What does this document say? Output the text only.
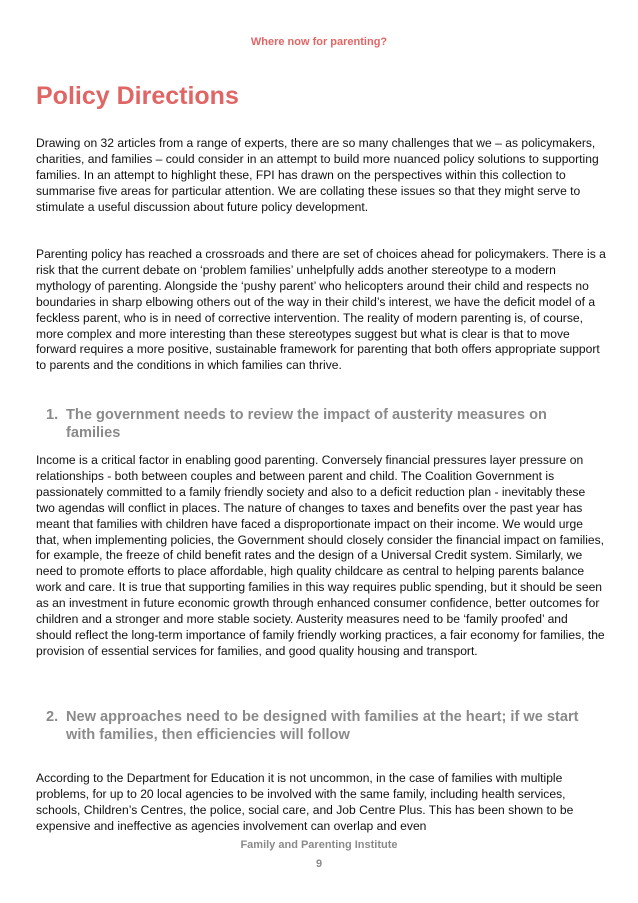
Where now for parenting?
Policy Directions

Drawing on 32 articles from a range of experts, there are so many challenges that we – as policymakers, charities, and families – could consider in an attempt to build more nuanced policy solutions to supporting families. In an attempt to highlight these, FPI has drawn on the perspectives within this collection to summarise five areas for particular attention. We are collating these issues so that they might serve to stimulate a useful discussion about future policy development.

Parenting policy has reached a crossroads and there are set of choices ahead for policymakers. There is a risk that the current debate on ‘problem families’ unhelpfully adds another stereotype to a modern mythology of parenting. Alongside the ‘pushy parent’ who helicopters around their child and respects no boundaries in sharp elbowing others out of the way in their child’s interest, we have the deficit model of a feckless parent, who is in need of corrective intervention. The reality of modern parenting is, of course, more complex and more interesting than these stereotypes suggest but what is clear is that to move forward requires a more positive, sustainable framework for parenting that both offers appropriate support to parents and the conditions in which families can thrive.

1. The government needs to review the impact of austerity measures on families

Income is a critical factor in enabling good parenting. Conversely financial pressures layer pressure on relationships - both between couples and between parent and child. The Coalition Government is passionately committed to a family friendly society and also to a deficit reduction plan - inevitably these two agendas will conflict in places. The nature of changes to taxes and benefits over the past year has meant that families with children have faced a disproportionate impact on their income. We would urge that, when implementing policies, the Government should closely consider the financial impact on families, for example, the freeze of child benefit rates and the design of a Universal Credit system. Similarly, we need to promote efforts to place affordable, high quality childcare as central to helping parents balance work and care. It is true that supporting families in this way requires public spending, but it should be seen as an investment in future economic growth through enhanced consumer confidence, better outcomes for children and a stronger and more stable society. Austerity measures need to be ‘family proofed’ and should reflect the long-term importance of family friendly working practices, a fair economy for families, the provision of essential services for families, and good quality housing and transport.

2. New approaches need to be designed with families at the heart; if we start with families, then efficiencies will follow

According to the Department for Education it is not uncommon, in the case of families with multiple problems, for up to 20 local agencies to be involved with the same family, including health services, schools, Children’s Centres, the police, social care, and Job Centre Plus. This has been shown to be expensive and ineffective as agencies involvement can overlap and even

Family and Parenting Institute
9
